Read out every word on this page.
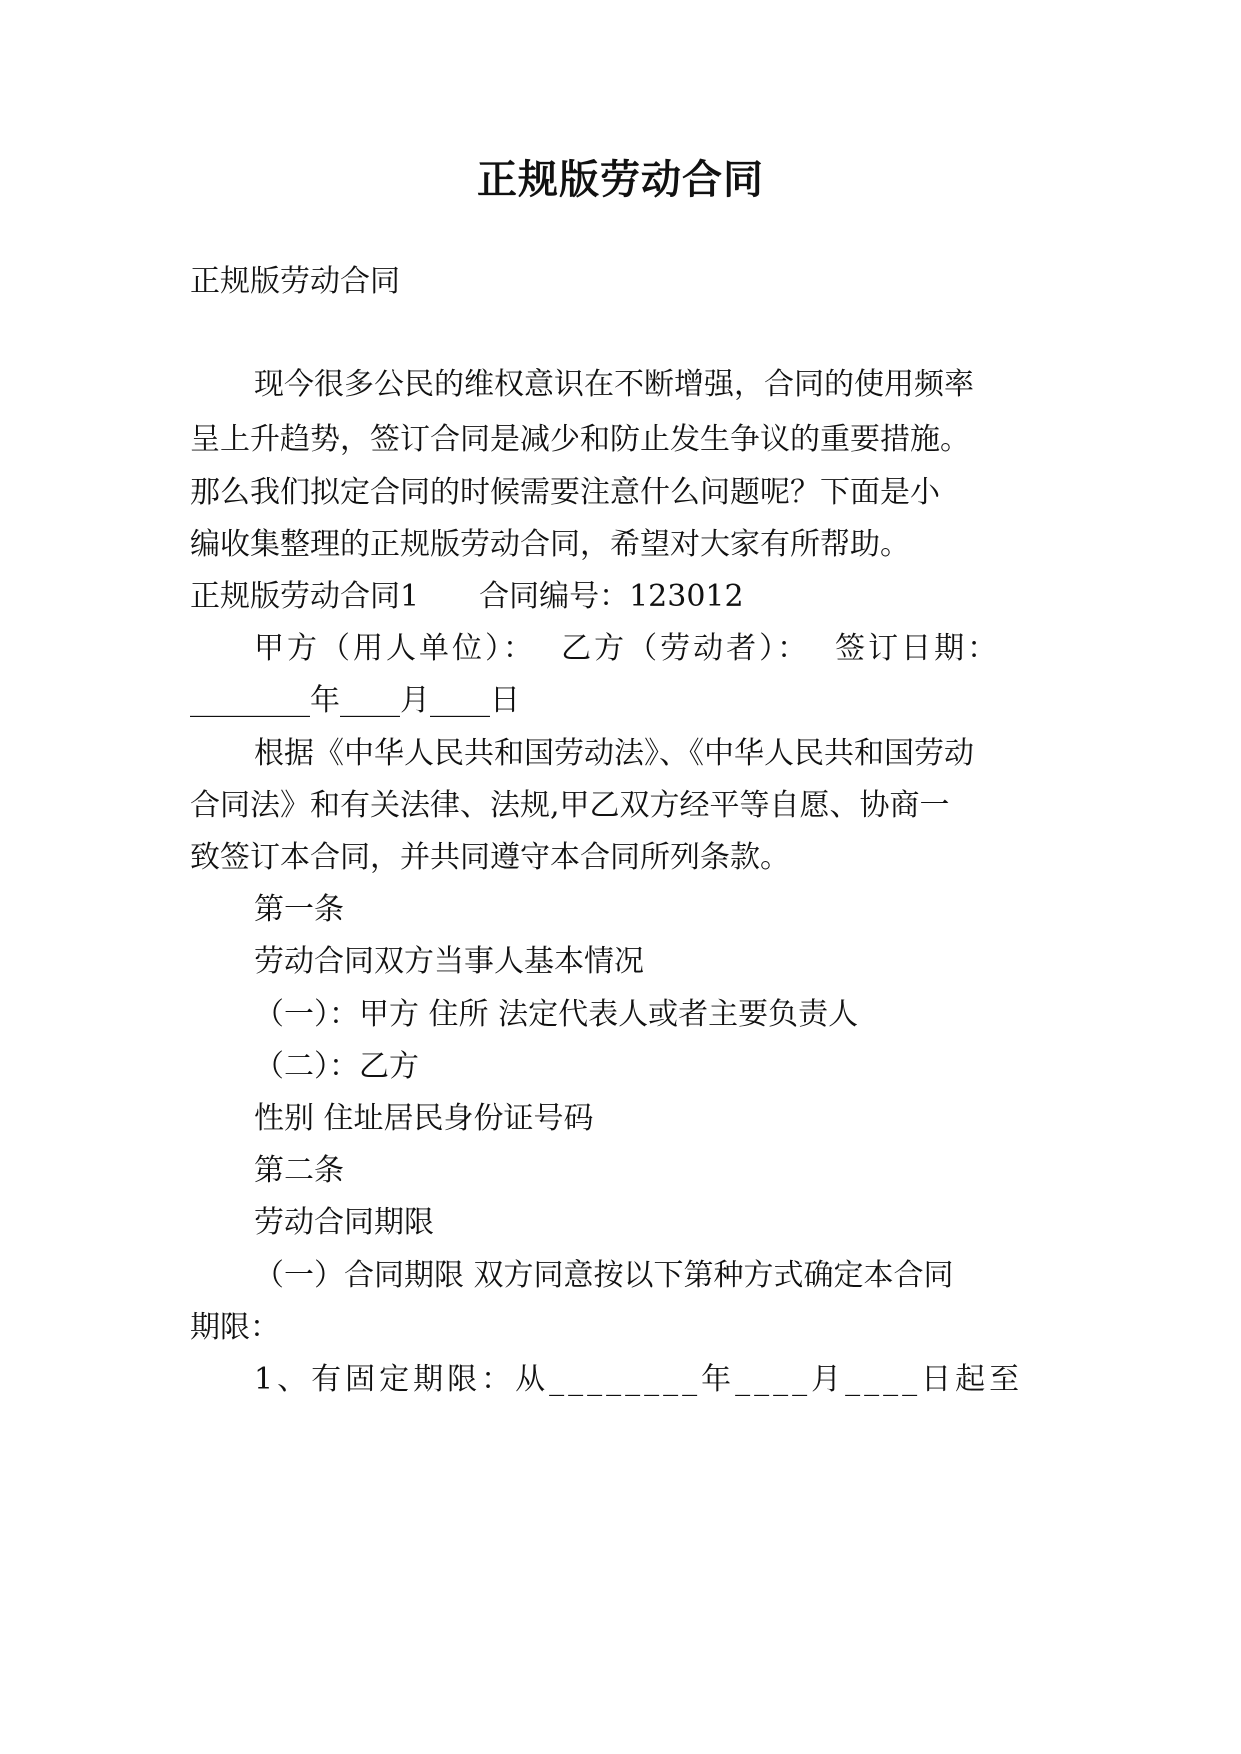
正规版劳动合同
正规版劳动合同
现今很多公民的维权意识在不断增强，合同的使用频率
呈上升趋势，签订合同是减少和防止发生争议的重要措施。
那么我们拟定合同的时候需要注意什么问题呢？下面是小
编收集整理的正规版劳动合同，希望对大家有所帮助。
正规版劳动合同1　　合同编号：123012
甲方（用人单位）：  乙方（劳动者）：  签订日期：
________年____月____日
根据《中华人民共和国劳动法》、《中华人民共和国劳动
合同法》和有关法律、法规,甲乙双方经平等自愿、协商一
致签订本合同，并共同遵守本合同所列条款。
第一条
劳动合同双方当事人基本情况
（一）：甲方 住所 法定代表人或者主要负责人
（二）：乙方
性别 住址居民身份证号码
第二条
劳动合同期限
（一）合同期限 双方同意按以下第种方式确定本合同
期限：
1、有固定期限：从________年____月____日起至
